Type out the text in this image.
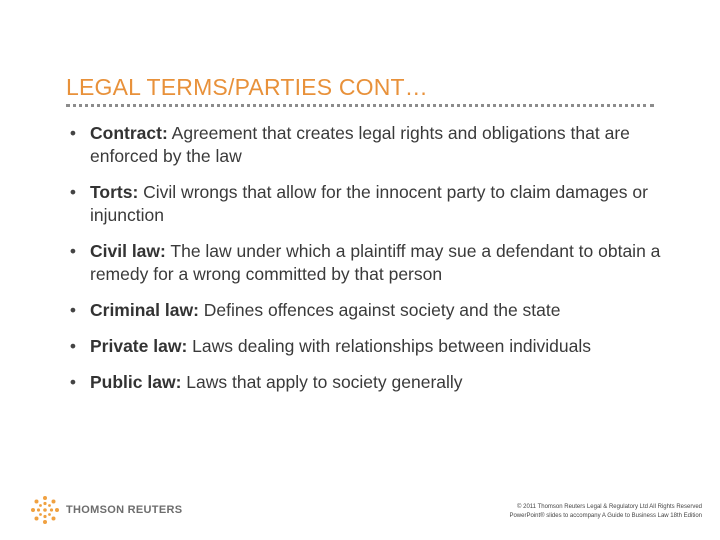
LEGAL TERMS/PARTIES CONT…
• Contract: Agreement that creates legal rights and obligations that are enforced by the law
• Torts: Civil wrongs that allow for the innocent party to claim damages or injunction
• Civil law: The law under which a plaintiff may sue a defendant to obtain a remedy for a wrong committed by that person
• Criminal law: Defines offences against society and the state
• Private law: Laws dealing with relationships between individuals
• Public law: Laws that apply to society generally
THOMSON REUTERS	© 2011 Thomson Reuters Legal & Regulatory Ltd All Rights Reserved

PowerPoint® slides to accompany A Guide to Business Law 18th Edition
